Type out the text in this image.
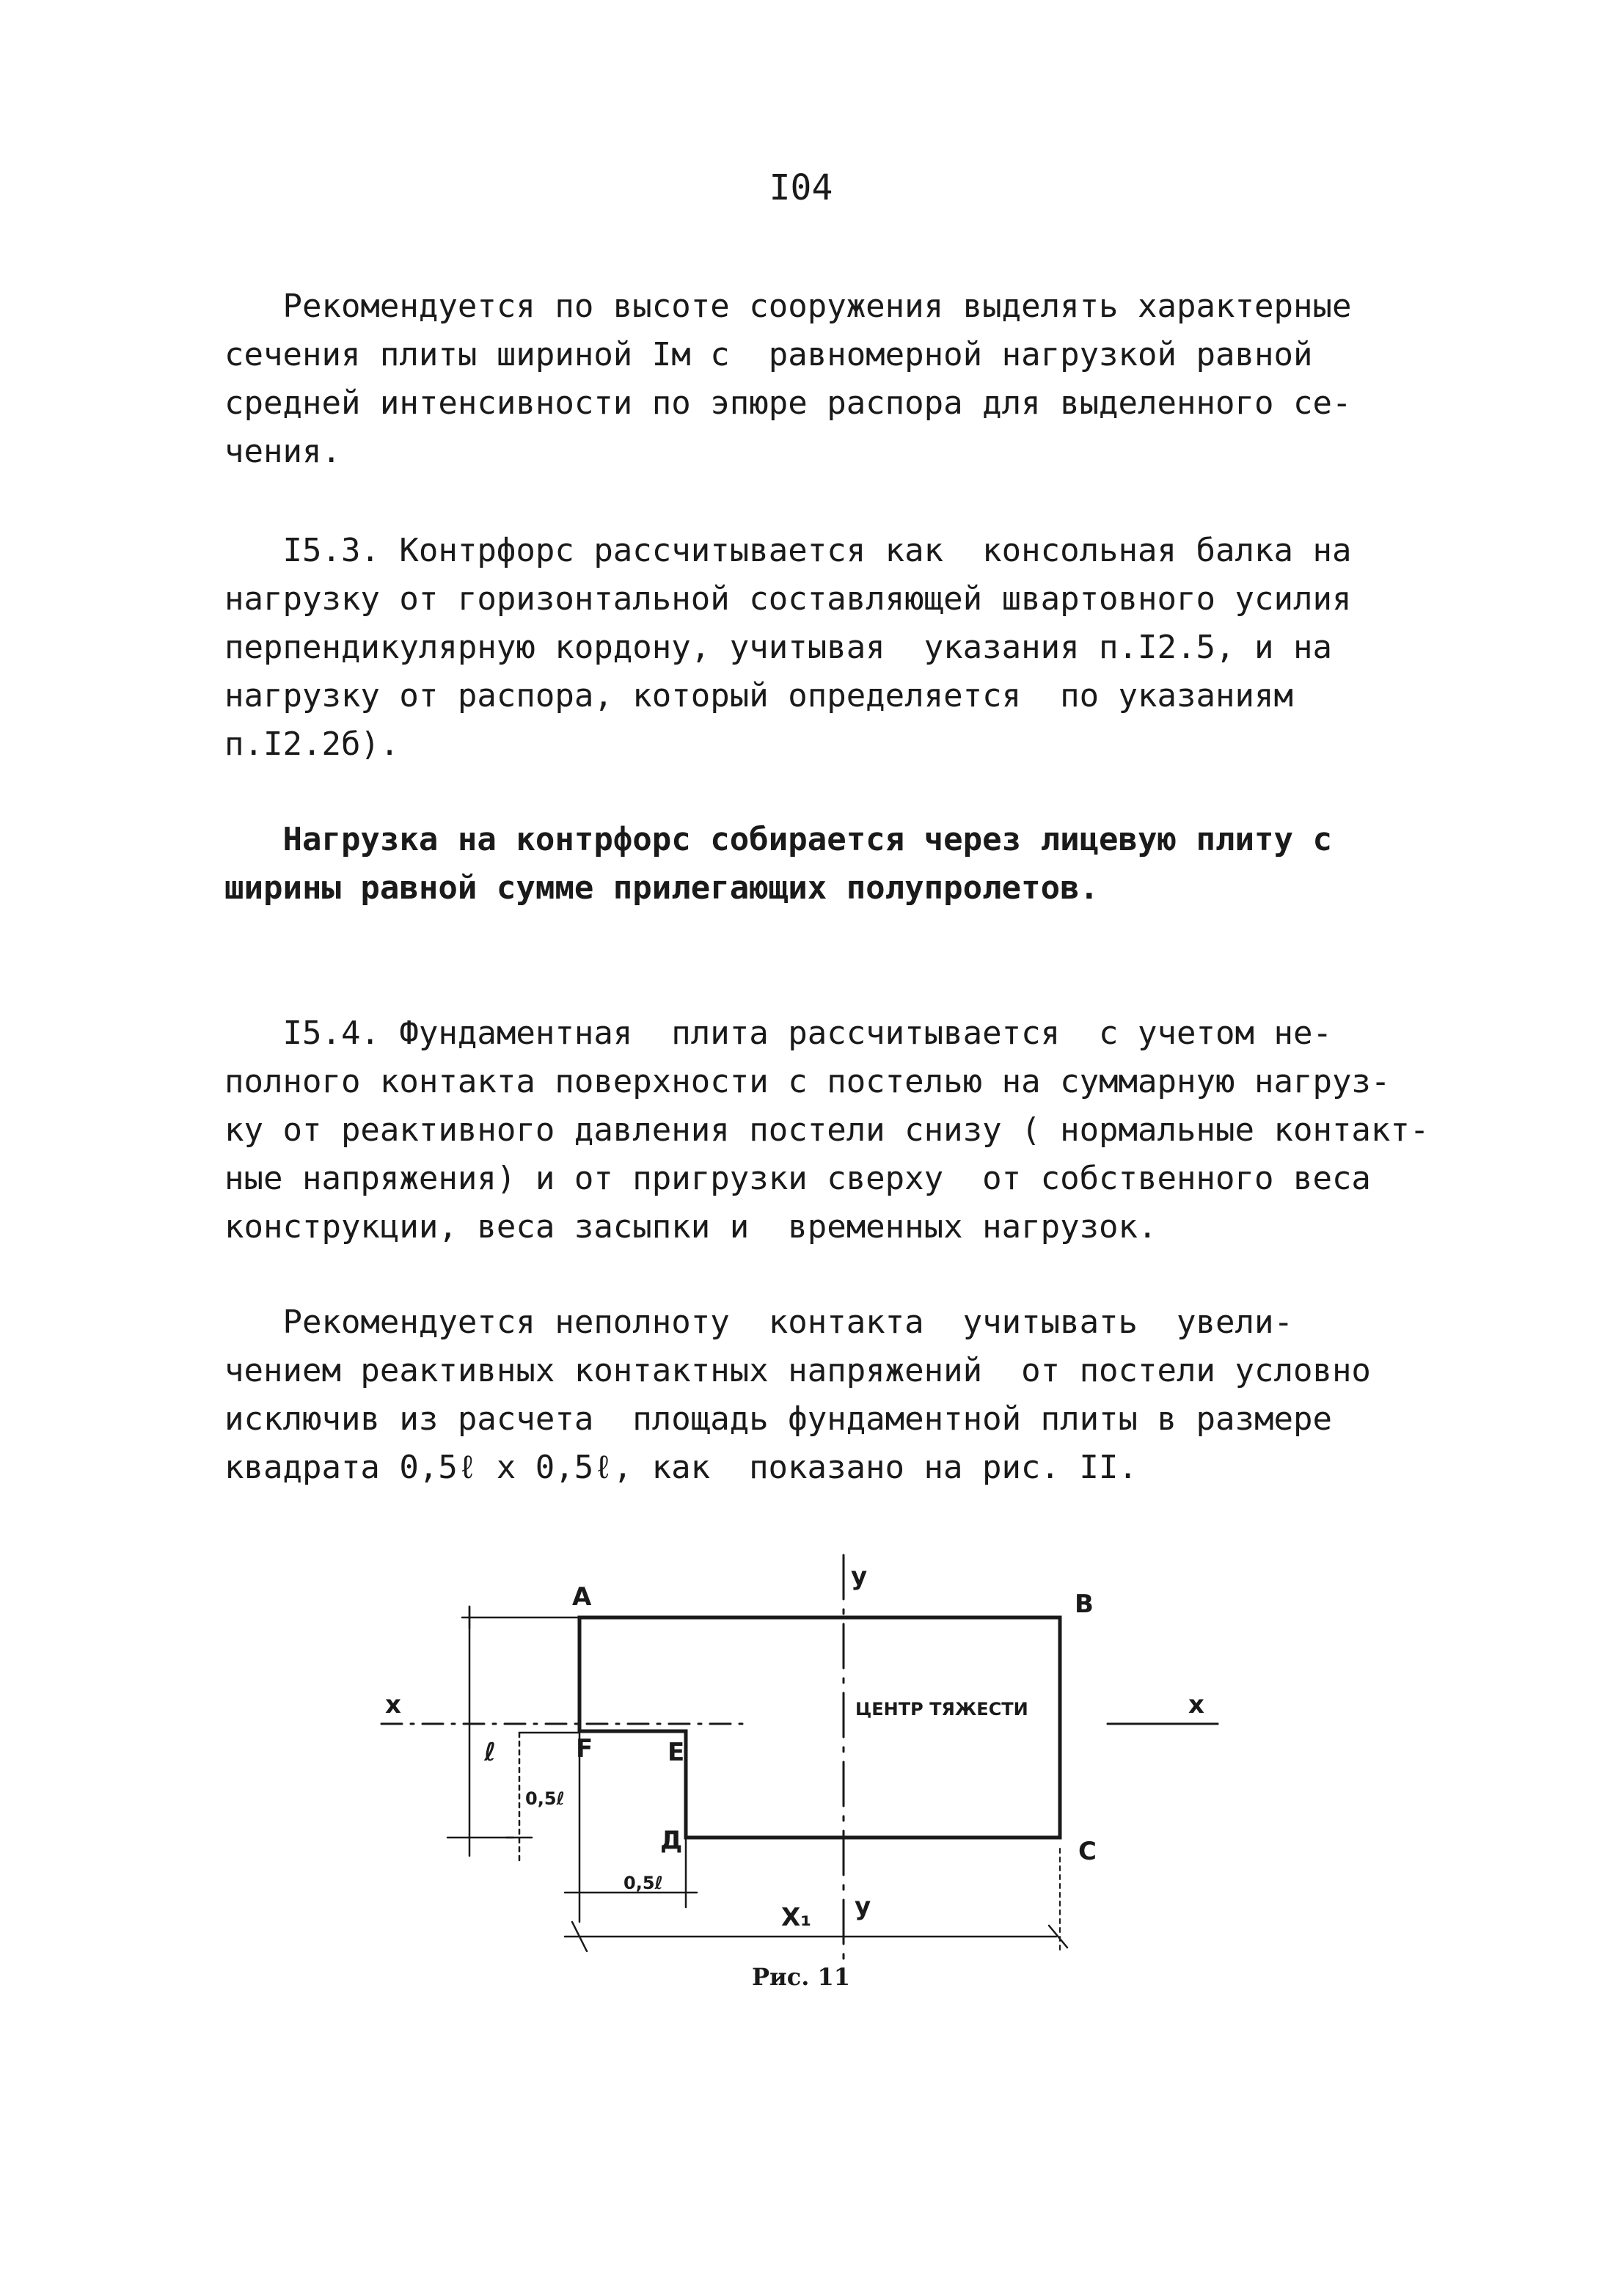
I04
Рекомендуется по высоте сооружения выделять характерные
сечения плиты шириной Iм с  равномерной нагрузкой равной
средней интенсивности по эпюре распора для выделенного се-
чения.
I5.3. Контрфорс рассчитывается как  консольная балка на
нагрузку от горизонтальной составляющей швартовного усилия
перпендикулярную кордону, учитывая  указания п.I2.5, и на
нагрузку от распора, который определяется  по указаниям
п.I2.2б).
Нагрузка на контрфорс собирается через лицевую плиту с
ширины равной сумме прилегающих полупролетов.
I5.4. Фундаментная  плита рассчитывается  с учетом не-
полного контакта поверхности с постелью на суммарную нагруз-
ку от реактивного давления постели снизу ( нормальные контакт-
ные напряжения) и от пригрузки сверху  от собственного веса
конструкции, веса засыпки и  временных нагрузок.
Рекомендуется неполноту  контакта  учитывать  увели-
чением реактивных контактных напряжений  от постели условно
исключив из расчета  площадь фундаментной плиты в размере
квадрата 0,5ℓ х 0,5ℓ, как  показано на рис. II.
A	B
C
Д
E
F
x	x
y
y
ЦЕНТР ТЯЖЕСТИ
ℓ
0,5ℓ
0,5ℓ
X₁
Рис. 11
